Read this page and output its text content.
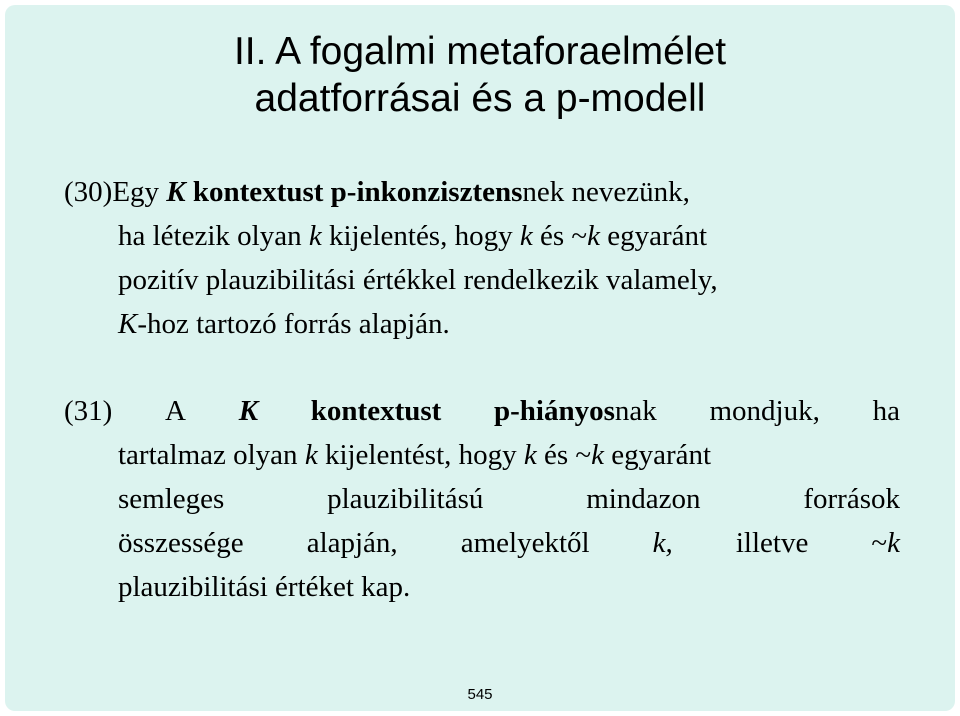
II. A fogalmi metaforaelmélet
adatforrásai és a p-modell
(30)Egy K kontextust p-inkonzisztensnek nevezünk,
ha létezik olyan k kijelentés, hogy k és ~k egyaránt
pozitív plauzibilitási értékkel rendelkezik valamely,
K-hoz tartozó forrás alapján.
(31) A K kontextust p-hiányosnak mondjuk, ha
tartalmaz olyan k kijelentést, hogy k és ~k egyaránt
semleges	plauzibilitású	mindazon	források
összessége alapján, amelyektől k, illetve ~k
plauzibilitási értéket kap.
545
